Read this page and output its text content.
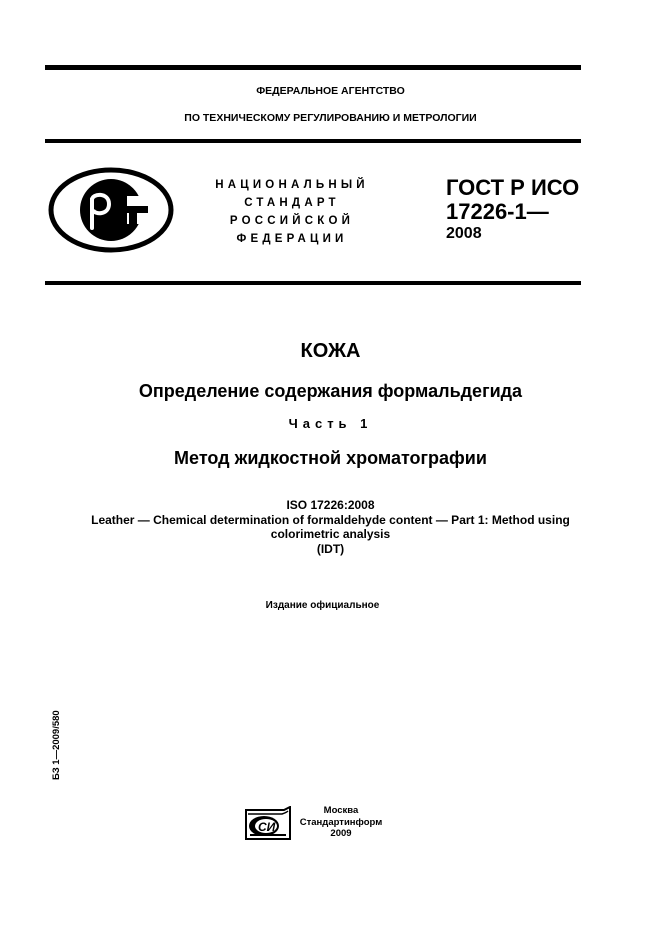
ФЕДЕРАЛЬНОЕ АГЕНТСТВО
ПО ТЕХНИЧЕСКОМУ РЕГУЛИРОВАНИЮ И МЕТРОЛОГИИ
НАЦИОНАЛЬНЫЙ
СТАНДАРТ
РОССИЙСКОЙ
ФЕДЕРАЦИИ
ГОСТ Р ИСО
17226-1—
2008
КОЖА
Определение содержания формальдегида
Часть 1
Метод жидкостной хроматографии
ISO 17226:2008
Leather — Chemical determination of formaldehyde content — Part 1: Method using
colorimetric analysis
(IDT)
Издание официальное
БЗ 1—2009/580
СИ
Москва
Стандартинформ
2009
